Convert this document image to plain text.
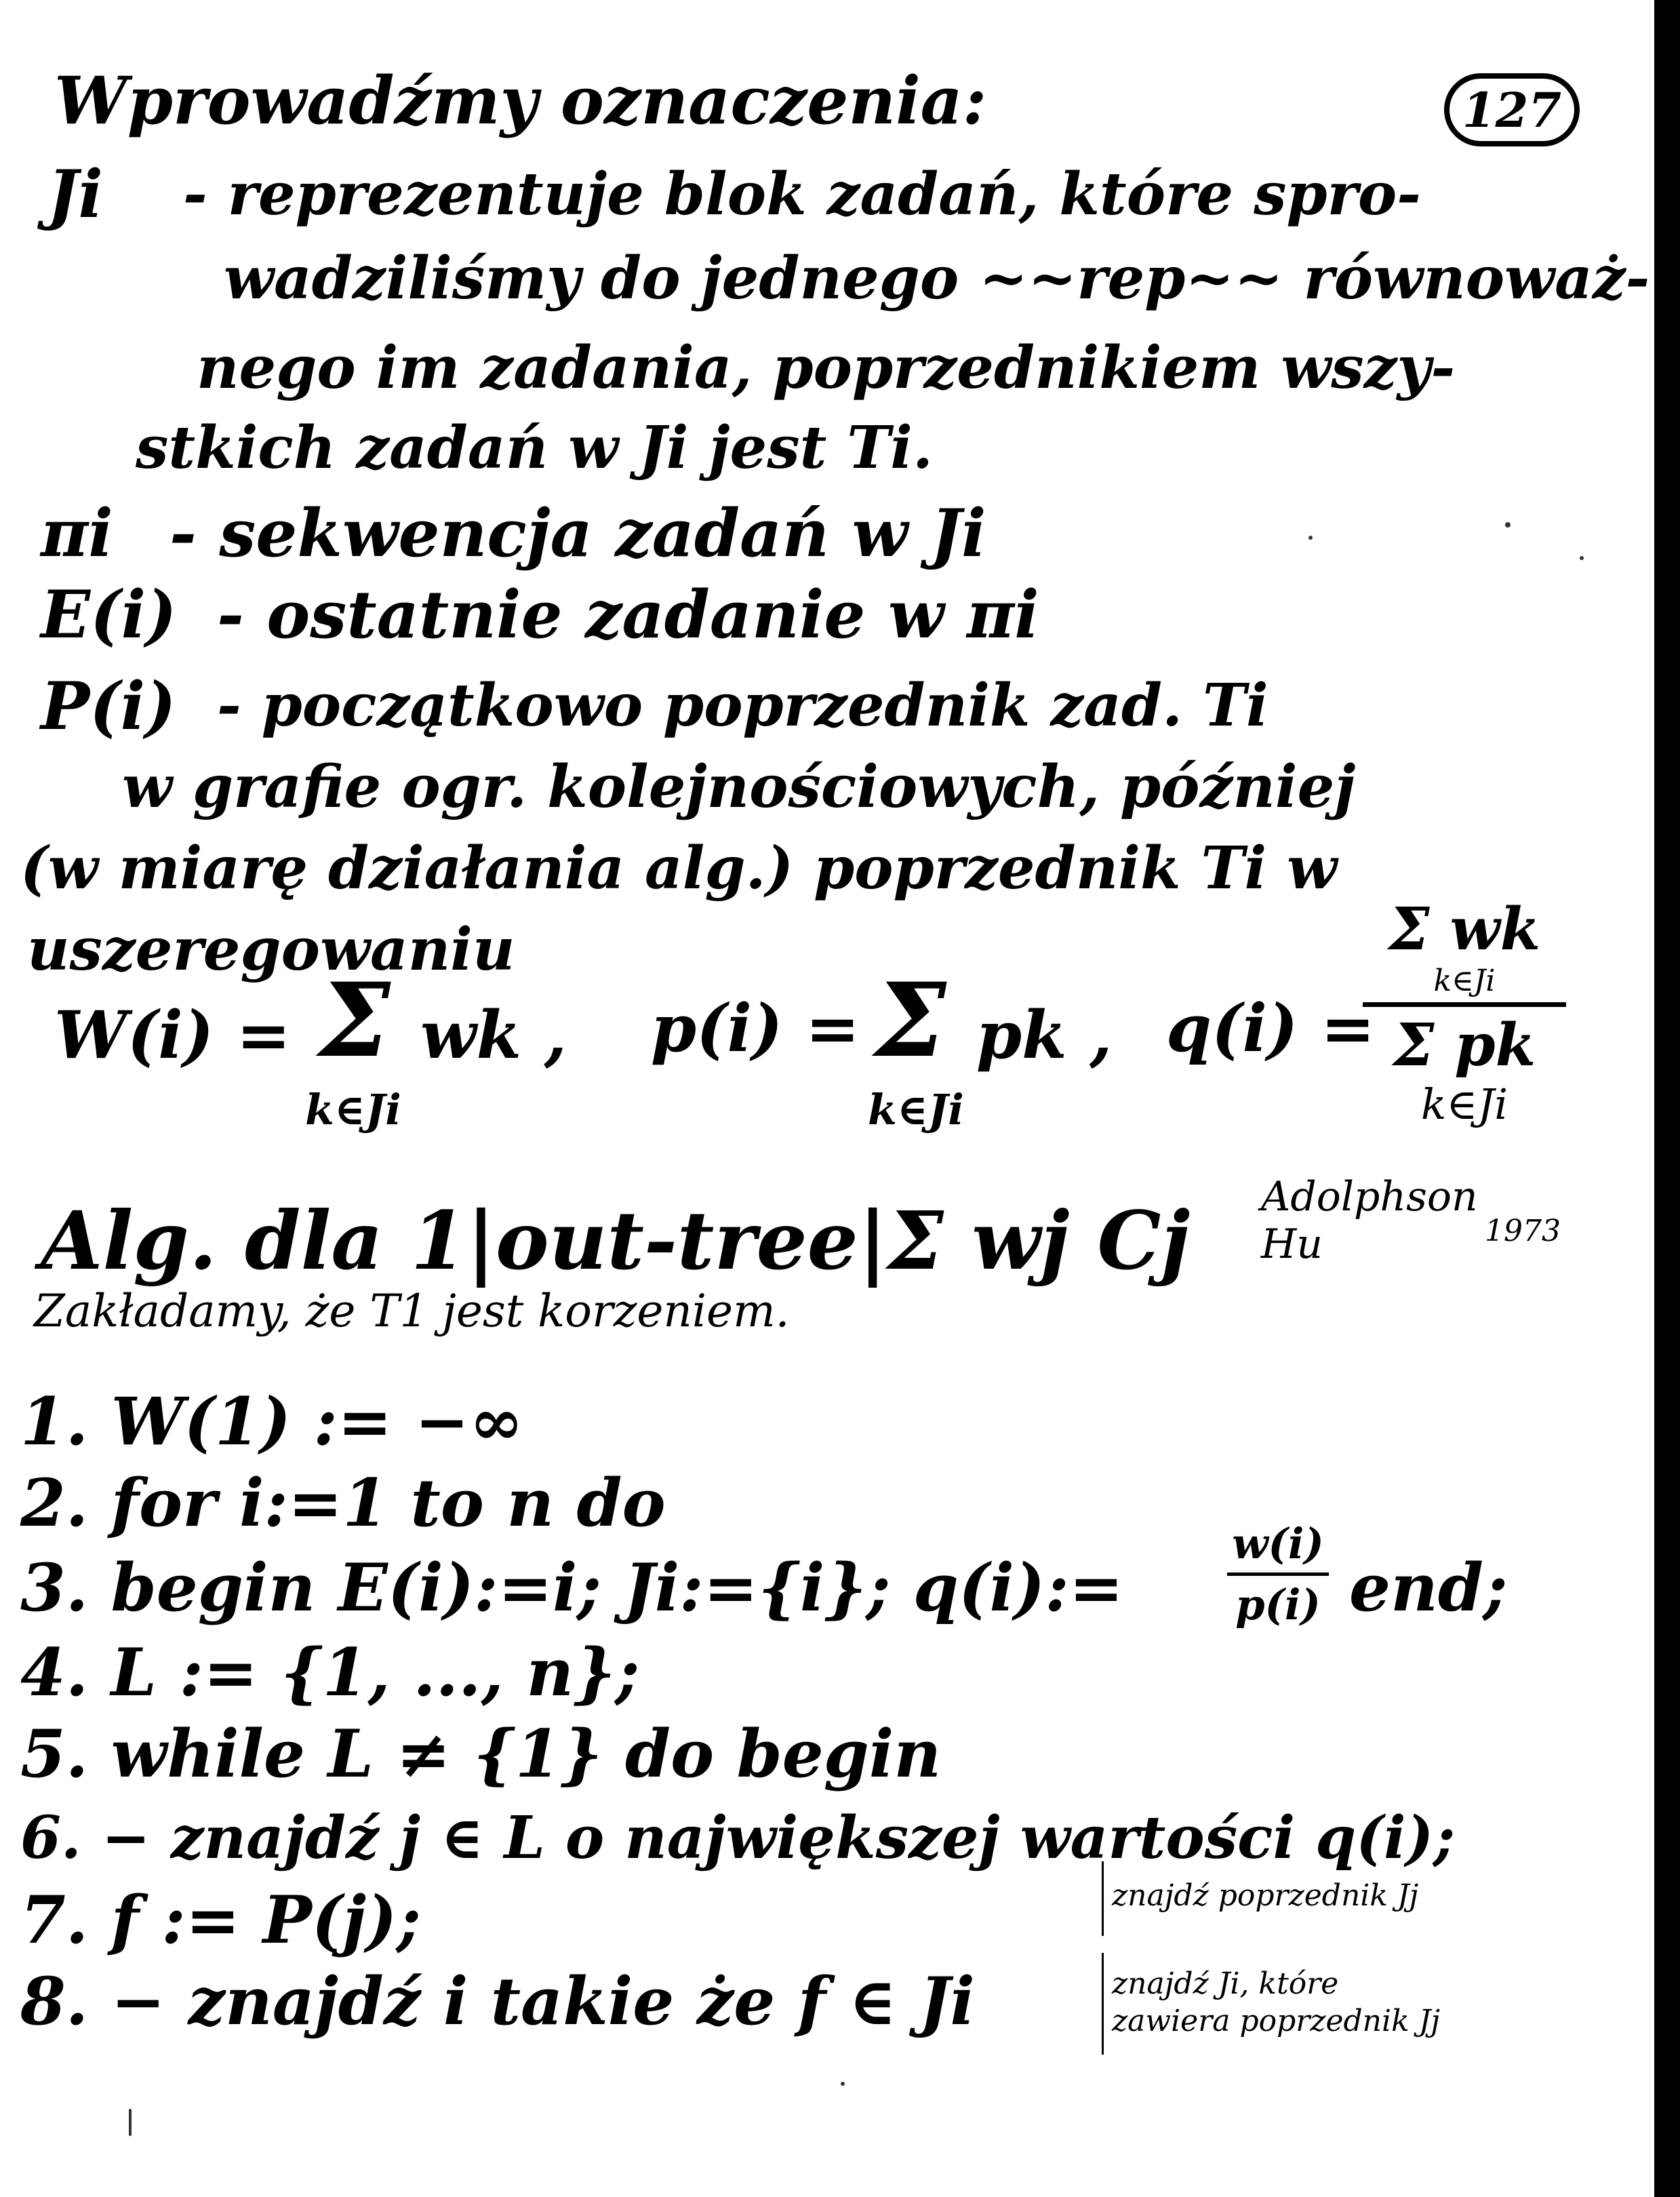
127
Wprowadźmy oznaczenia:
Ji - reprezentuje blok zadań, które spro-
wadziliśmy do jednego ~~rep~~ równoważ-
nego im zadania, poprzednikiem wszy-
stkich zadań w Ji jest Ti.
πi - sekwencja zadań w Ji
E(i) - ostatnie zadanie w πi
P(i) - początkowo poprzednik zad. Ti
w grafie ogr. kolejnościowych, później
(w miarę działania alg.) poprzednik Ti w
uszeregowaniu
W(i) = Σ
k∈Ji
wk , p(i) = Σ
k∈Ji
pk , q(i) =
Σ wk
k∈Ji
Σ pk
k∈Ji
Alg. dla 1|out-tree|Σ wj Cj Adolphson
1973
Hu
Zakładamy, że T1 jest korzeniem.
1. W(1) := −∞
2. for i:=1 to n do
3. begin E(i):=i; Ji:={i}; q(i):=
w(i)
p(i) end;
4. L := {1, ..., n};
5. while L ≠ {1} do begin
6. − znajdź j ∈ L o największej wartości q(i);
7. f := P(j);
8. − znajdź i takie że f ∈ Ji
znajdź poprzednik Jj
znajdź Ji, które
zawiera poprzednik Jj
